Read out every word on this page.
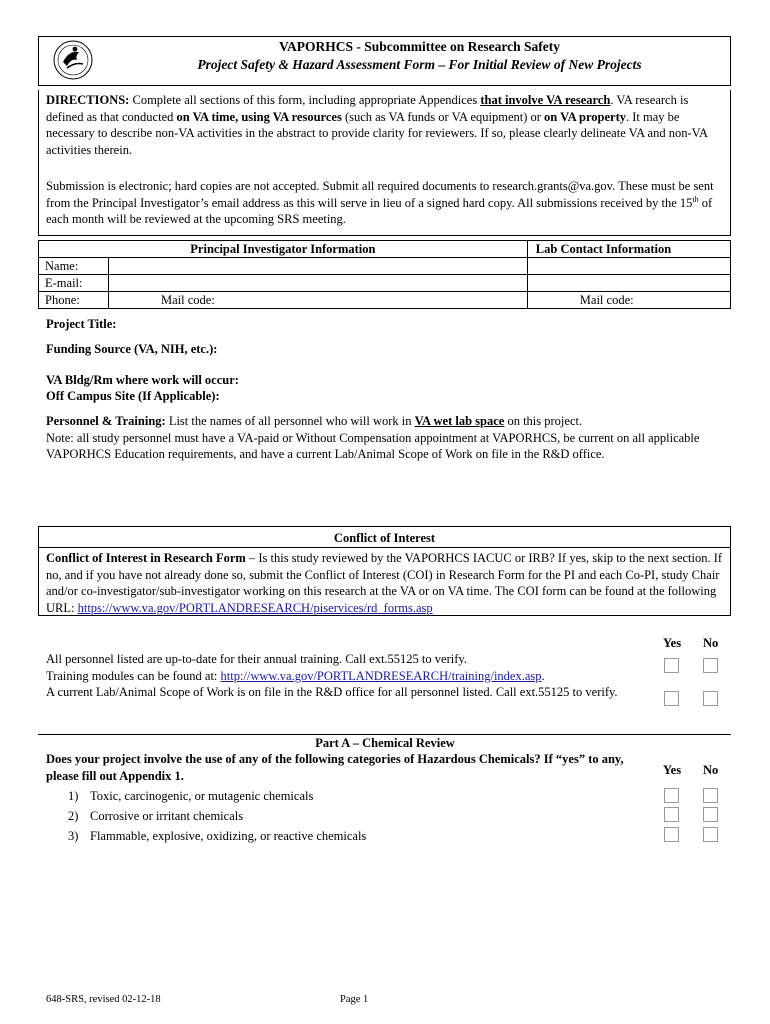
VAPORHCS - Subcommittee on Research Safety
Project Safety & Hazard Assessment Form – For Initial Review of New Projects

DIRECTIONS: Complete all sections of this form, including appropriate Appendices that involve VA research. VA research is defined as that conducted on VA time, using VA resources (such as VA funds or VA equipment) or on VA property. It may be necessary to describe non-VA activities in the abstract to provide clarity for reviewers. If so, please clearly delineate VA and non-VA activities therein.

Submission is electronic; hard copies are not accepted. Submit all required documents to research.grants@va.gov. These must be sent from the Principal Investigator’s email address as this will serve in lieu of a signed hard copy. All submissions received by the 15th of each month will be reviewed at the upcoming SRS meeting.

Principal Investigator Information		Lab Contact Information
Name:		
E-mail:		
Phone:	Mail code:	Mail code:
Project Title:
Funding Source (VA, NIH, etc.):
VA Bldg/Rm where work will occur:
Off Campus Site (If Applicable):
Personnel & Training: List the names of all personnel who will work in VA wet lab space on this project.
Note: all study personnel must have a VA-paid or Without Compensation appointment at VAPORHCS, be current on all applicable VAPORHCS Education requirements, and have a current Lab/Animal Scope of Work on file in the R&D office.
Conflict of Interest
Conflict of Interest in Research Form – Is this study reviewed by the VAPORHCS IACUC or IRB? If yes, skip to the next section. If no, and if you have not already done so, submit the Conflict of Interest (COI) in Research Form for the PI and each Co-PI, study Chair and/or co-investigator/sub-investigator working on this research at the VA or on VA time. The COI form can be found at the following URL: https://www.va.gov/PORTLANDRESEARCH/piservices/rd_forms.asp
Yes No
All personnel listed are up-to-date for their annual training. Call ext.55125 to verify.
Training modules can be found at: http://www.va.gov/PORTLANDRESEARCH/training/index.asp.
A current Lab/Animal Scope of Work is on file in the R&D office for all personnel listed. Call ext.55125 to verify.
Part A – Chemical Review
Does your project involve the use of any of the following categories of Hazardous Chemicals? If “yes” to any, please fill out Appendix 1.	Yes No
1) Toxic, carcinogenic, or mutagenic chemicals
2) Corrosive or irritant chemicals
3) Flammable, explosive, oxidizing, or reactive chemicals
648-SRS, revised 02-12-18	Page 1
